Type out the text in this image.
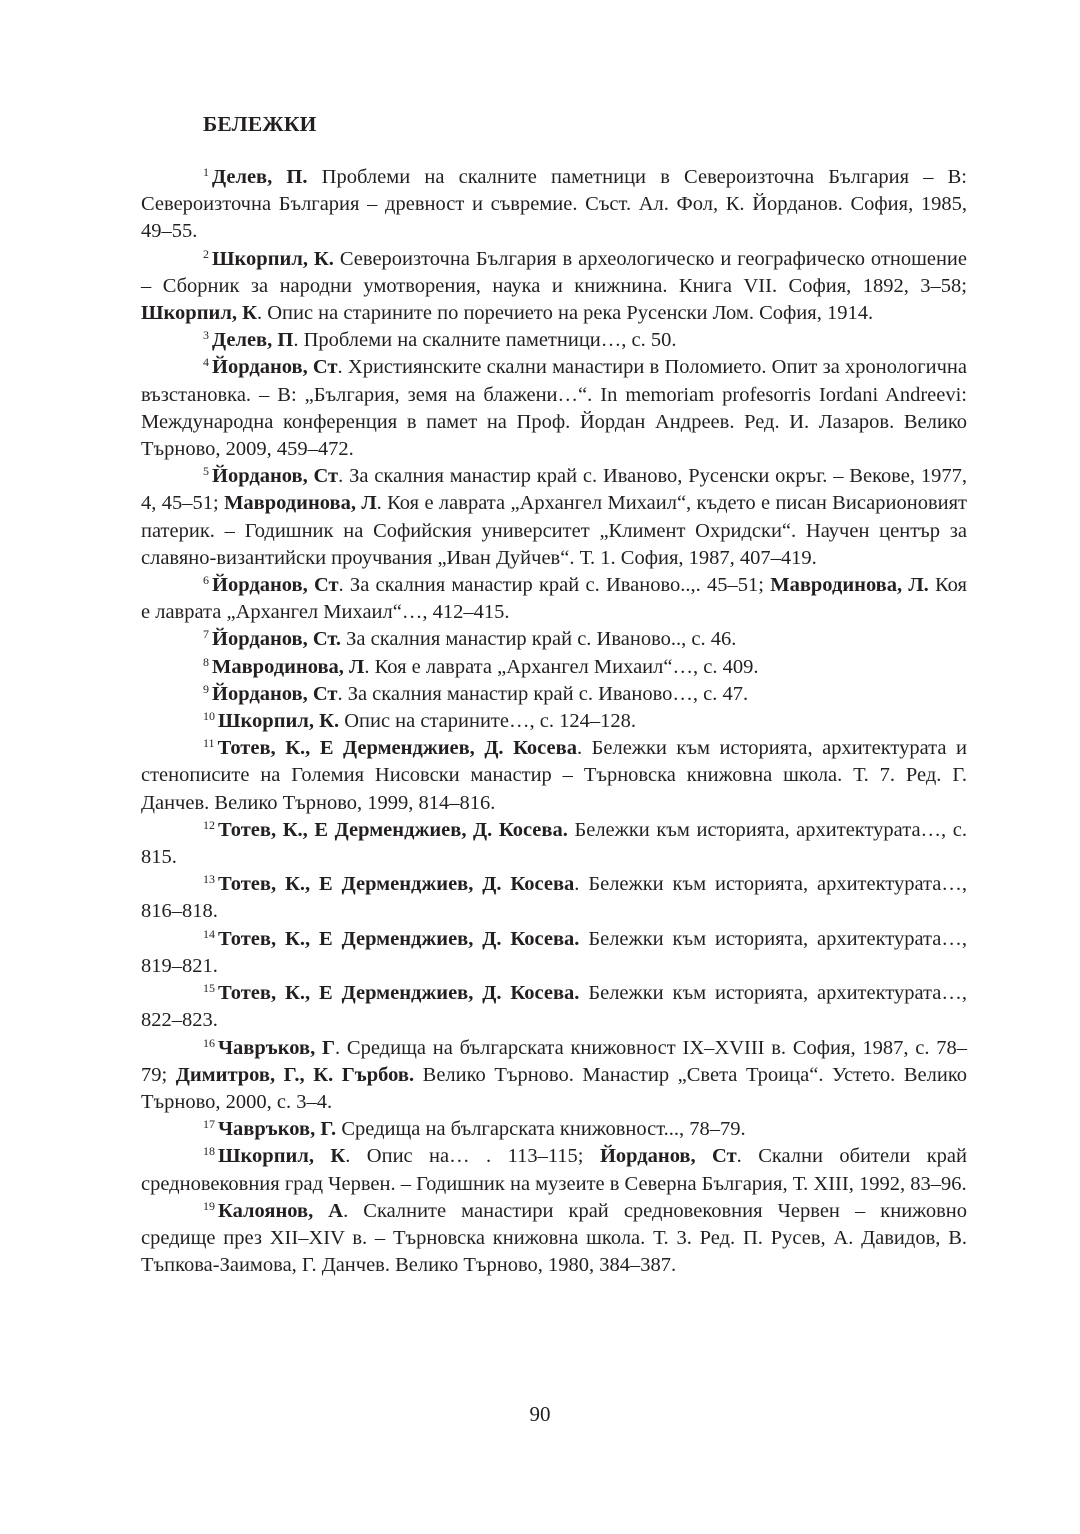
БЕЛЕЖКИ

$^1$ Делев, П. Проблеми на скалните паметници в Североизточна България – В: Североизточна България – древност и съвремие. Съст. Ал. Фол, К. Йорданов. София, 1985, 49–55.

$^2$ Шкорпил, К. Североизточна България в археологическо и географическо отношение – Сборник за народни умотворения, наука и книжнина. Книга VII. София, 1892, 3–58; Шкорпил, К. Опис на старините по поречието на река Русенски Лом. София, 1914.

$^3$ Делев, П. Проблеми на скалните паметници…, с. 50.

$^4$ Йорданов, Ст. Християнските скални манастири в Поломието. Опит за хронологична възстановка. – В: „България, земя на блажени…“. In memoriam profesorris Iordani Andreevi: Международна конференция в памет на Проф. Йордан Андреев. Ред. И. Лазаров. Велико Търново, 2009, 459–472.

$^5$ Йорданов, Ст. За скалния манастир край с. Иваново, Русенски окръг. – Векове, 1977, 4, 45–51; Мавродинова, Л. Коя е лаврата „Архангел Михаил“, където е писан Висарионовият патерик. – Годишник на Софийския университет „Климент Охридски“. Научен център за славяно-византийски проучвания „Иван Дуйчев“. Т. 1. София, 1987, 407–419.

$^6$ Йорданов, Ст. За скалния манастир край с. Иваново..,. 45–51; Мавродинова, Л. Коя е лаврата „Архангел Михаил“…, 412–415.

$^7$ Йорданов, Ст. За скалния манастир край с. Иваново.., с. 46.

$^8$ Мавродинова, Л. Коя е лаврата „Архангел Михаил“…, с. 409.

$^9$ Йорданов, Ст. За скалния манастир край с. Иваново…, с. 47.

$^{10}$ Шкорпил, К. Опис на старините…, с. 124–128.

$^{11}$ Тотев, К., Е Дерменджиев, Д. Косева. Бележки към историята, архитектурата и стенописите на Големия Нисовски манастир – Търновска книжовна школа. Т. 7. Ред. Г. Данчев. Велико Търново, 1999, 814–816.

$^{12}$ Тотев, К., Е Дерменджиев, Д. Косева. Бележки към историята, архитектурата…, с. 815.

$^{13}$ Тотев, К., Е Дерменджиев, Д. Косева. Бележки към историята, архитектурата…, 816–818.

$^{14}$ Тотев, К., Е Дерменджиев, Д. Косева. Бележки към историята, архитектурата…, 819–821.

$^{15}$ Тотев, К., Е Дерменджиев, Д. Косева. Бележки към историята, архитектурата…, 822–823.

$^{16}$ Чавръков, Г. Средища на българската книжовност IX–XVIII в. София, 1987, с. 78–79; Димитров, Г., К. Гърбов. Велико Търново. Манастир „Света Троица“. Устето. Велико Търново, 2000, с. 3–4.

$^{17}$ Чавръков, Г. Средища на българската книжовност..., 78–79.

$^{18}$ Шкорпил, К. Опис на… . 113–115; Йорданов, Ст. Скални обители край средновековния град Червен. – Годишник на музеите в Северна България, Т. XIII, 1992, 83–96.

$^{19}$ Калоянов, А. Скалните манастири край средновековния Червен – книжовно средище през XII–XIV в. – Търновска книжовна школа. Т. 3. Ред. П. Русев, А. Давидов, В. Тъпкова-Заимова, Г. Данчев. Велико Търново, 1980, 384–387.

90
